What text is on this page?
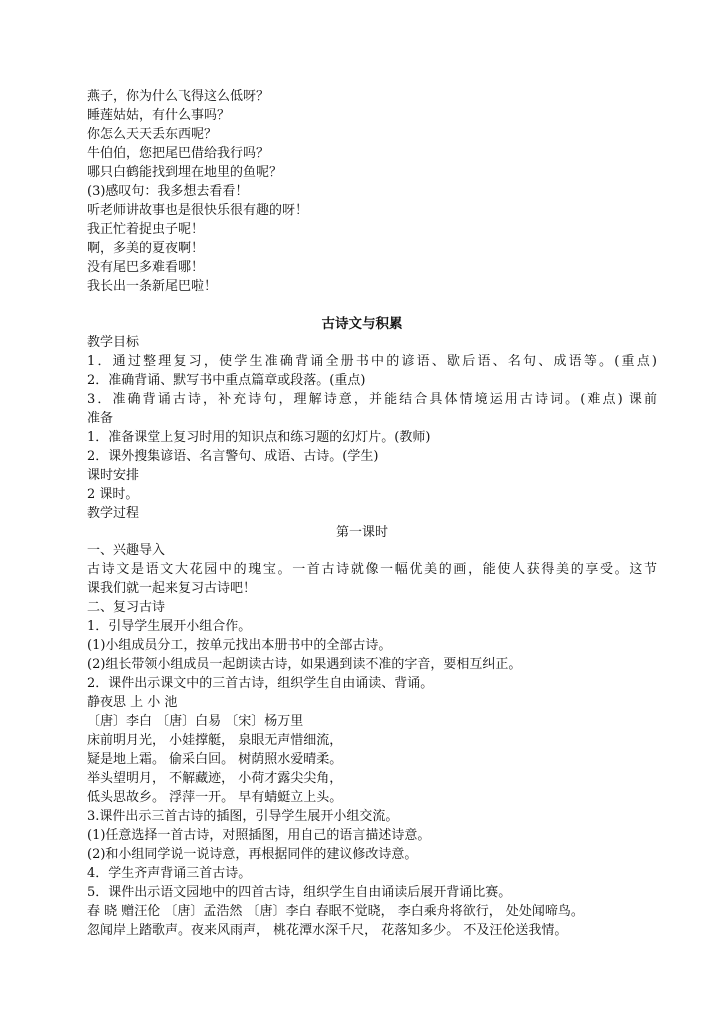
燕子，你为什么飞得这么低呀？
睡莲姑姑，有什么事吗？
你怎么天天丢东西呢？
牛伯伯，您把尾巴借给我行吗？
哪只白鹤能找到埋在地里的鱼呢？
(3)感叹句：我多想去看看！
听老师讲故事也是很快乐很有趣的呀！
我正忙着捉虫子呢！
啊，多美的夏夜啊！
没有尾巴多难看哪！
我长出一条新尾巴啦！
古诗文与积累
教学目标
1．通过整理复习，使学生准确背诵全册书中的谚语、歇后语、名句、成语等。(重点)
2．准确背诵、默写书中重点篇章或段落。(重点)
3．准确背诵古诗，补充诗句，理解诗意，并能结合具体情境运用古诗词。(难点) 课前
准备
1．准备课堂上复习时用的知识点和练习题的幻灯片。(教师)
2．课外搜集谚语、名言警句、成语、古诗。(学生)
课时安排
2 课时。
教学过程
第一课时
一、兴趣导入
古诗文是语文大花园中的瑰宝。一首古诗就像一幅优美的画，能使人获得美的享受。这节
课我们就一起来复习古诗吧！
二、复习古诗
1．引导学生展开小组合作。
(1)小组成员分工，按单元找出本册书中的全部古诗。
(2)组长带领小组成员一起朗读古诗，如果遇到读不准的字音，要相互纠正。
2．课件出示课文中的三首古诗，组织学生自由诵读、背诵。
静夜思 上 小 池
〔唐〕李白 〔唐〕白易 〔宋〕杨万里
床前明月光， 小娃撑艇， 泉眼无声惜细流，
疑是地上霜。 偷采白回。 树荫照水爱晴柔。
举头望明月， 不解藏迹， 小荷才露尖尖角，
低头思故乡。 浮萍一开。 早有蜻蜓立上头。
3.课件出示三首古诗的插图，引导学生展开小组交流。
(1)任意选择一首古诗，对照插图，用自己的语言描述诗意。
(2)和小组同学说一说诗意，再根据同伴的建议修改诗意。
4．学生齐声背诵三首古诗。
5．课件出示语文园地中的四首古诗，组织学生自由诵读后展开背诵比赛。
春 晓 赠汪伦 〔唐〕孟浩然 〔唐〕李白 春眠不觉晓， 李白乘舟将欲行， 处处闻啼鸟。
忽闻岸上踏歌声。夜来风雨声， 桃花潭水深千尺， 花落知多少。 不及汪伦送我情。
